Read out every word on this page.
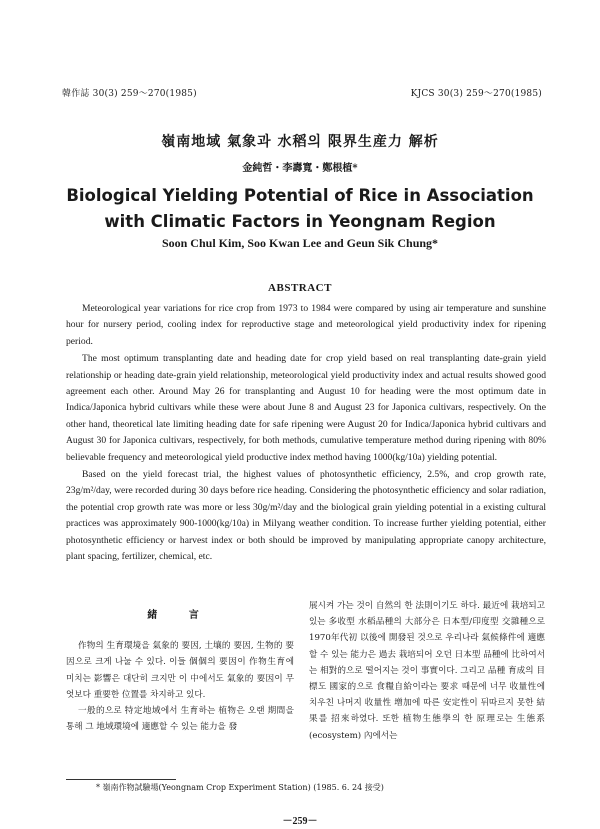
韓作誌 30(3) 259～270(1985)	KJCS 30(3) 259～270(1985)
嶺南地域 氣象과 水稻의 限界生産力 解析
金純哲・李壽寬・鄭根植*
Biological Yielding Potential of Rice in Association
with Climatic Factors in Yeongnam Region
Soon Chul Kim, Soo Kwan Lee and Geun Sik Chung*
ABSTRACT

Meteorological year variations for rice crop from 1973 to 1984 were compared by using air temperature and sunshine hour for nursery period, cooling index for reproductive stage and meteorological yield productivity index for ripening period.

The most optimum transplanting date and heading date for crop yield based on real transplanting date-grain yield relationship or heading date-grain yield relationship, meteorological yield productivity index and actual results showed good agreement each other. Around May 26 for transplanting and August 10 for heading were the most optimum date in Indica/Japonica hybrid cultivars while these were about June 8 and August 23 for Japonica cultivars, respectively. On the other hand, theoretical late limiting heading date for safe ripening were August 20 for Indica/Japonica hybrid cultivars and August 30 for Japonica cultivars, respectively, for both methods, cumulative temperature method during ripening with 80% believable frequency and meteorological yield productive index method having 1000(kg/10a) yielding potential.

Based on the yield forecast trial, the highest values of photosynthetic efficiency, 2.5%, and crop growth rate, 23g/m²/day, were recorded during 30 days before rice heading. Considering the photosynthetic efficiency and solar radiation, the potential crop growth rate was more or less 30g/m²/day and the biological grain yielding potential in a existing cultural practices was approximately 900-1000(kg/10a) in Milyang weather condition. To increase further yielding potential, either photosynthetic efficiency or harvest index or both should be improved by manipulating appropriate canopy architecture, plant spacing, fertilizer, chemical, etc.

緒 言

作物의 生育環境을 氣象的 要因, 土壤的 要因, 生物的 要因으로 크게 나눌 수 있다. 이들 個個의 要因이 作物生育에 미치는 影響은 대단히 크지만 이 中에서도 氣象的 要因이 무엇보다 重要한 位置를 차지하고 있다.

一般的으로 特定地域에서 生育하는 植物은 오랜 期間을 통해 그 地域環境에 適應할 수 있는 能力을 發

展시켜 가는 것이 自然의 한 法則이기도 하다. 最近에 栽培되고 있는 多收型 水稻品種의 大部分은 日本型/印度型 交雜種으로 1970年代初 以後에 開發된 것으로 우리나라 氣候條件에 適應할 수 있는 能力은 過去 栽培되어 오던 日本型 品種에 比하여서는 相對的으로 떨어지는 것이 事實이다. 그리고 品種 育成의 目標도 國家的으로 食糧自給이라는 要求 때문에 너무 收量性에 치우친 나머지 收量性 增加에 따른 安定性이 뒤따르지 못한 結果를 招來하였다. 또한 植物生態學의 한 原理로는 生態系(ecosystem) 內에서는

* 嶺南作物試驗場(Yeongnam Crop Experiment Station) (1985. 6. 24 接受)
－259－
